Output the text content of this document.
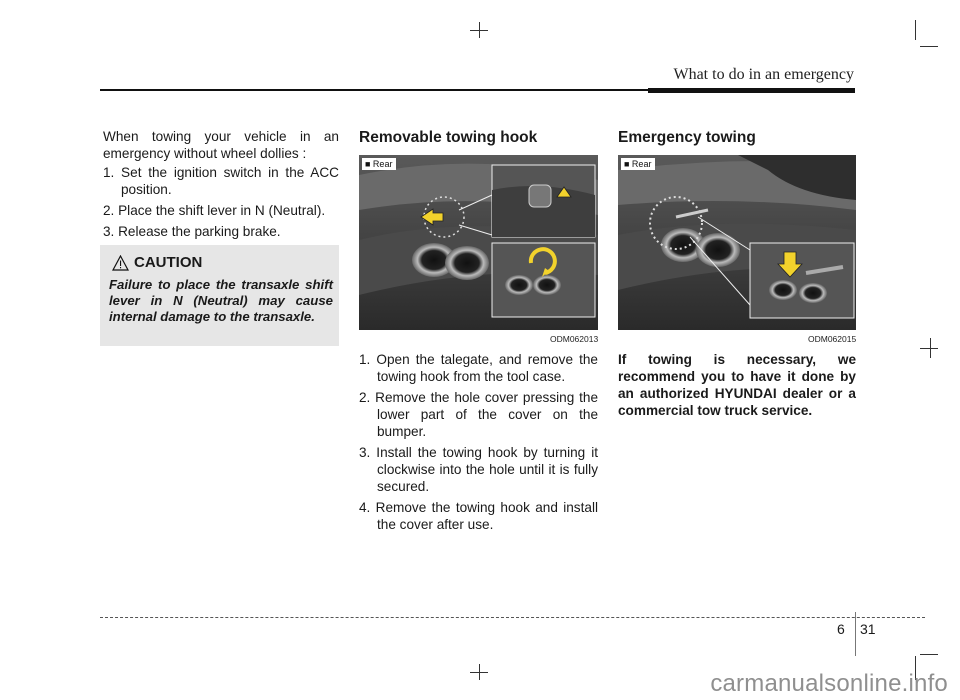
What to do in an emergency
When towing your vehicle in an emergency without wheel dollies :
1. Set the ignition switch in the ACC position.
2. Place the shift lever in N (Neutral).
3. Release the parking brake.
CAUTION
Failure to place the transaxle shift lever in N (Neutral) may cause internal damage to the transaxle.
Removable towing hook
■ Rear
ODM062013
1. Open the talegate, and remove the towing hook from the tool case.
2. Remove the hole cover pressing the lower part of the cover on the bumper.
3. Install the towing hook by turning it clockwise into the hole until it is fully secured.
4. Remove the towing hook and install the cover after use.
Emergency towing
■ Rear
ODM062015
If towing is necessary, we recommend you to have it done by an authorized HYUNDAI dealer or a commercial tow truck service.
6 31
carmanualsonline.info
